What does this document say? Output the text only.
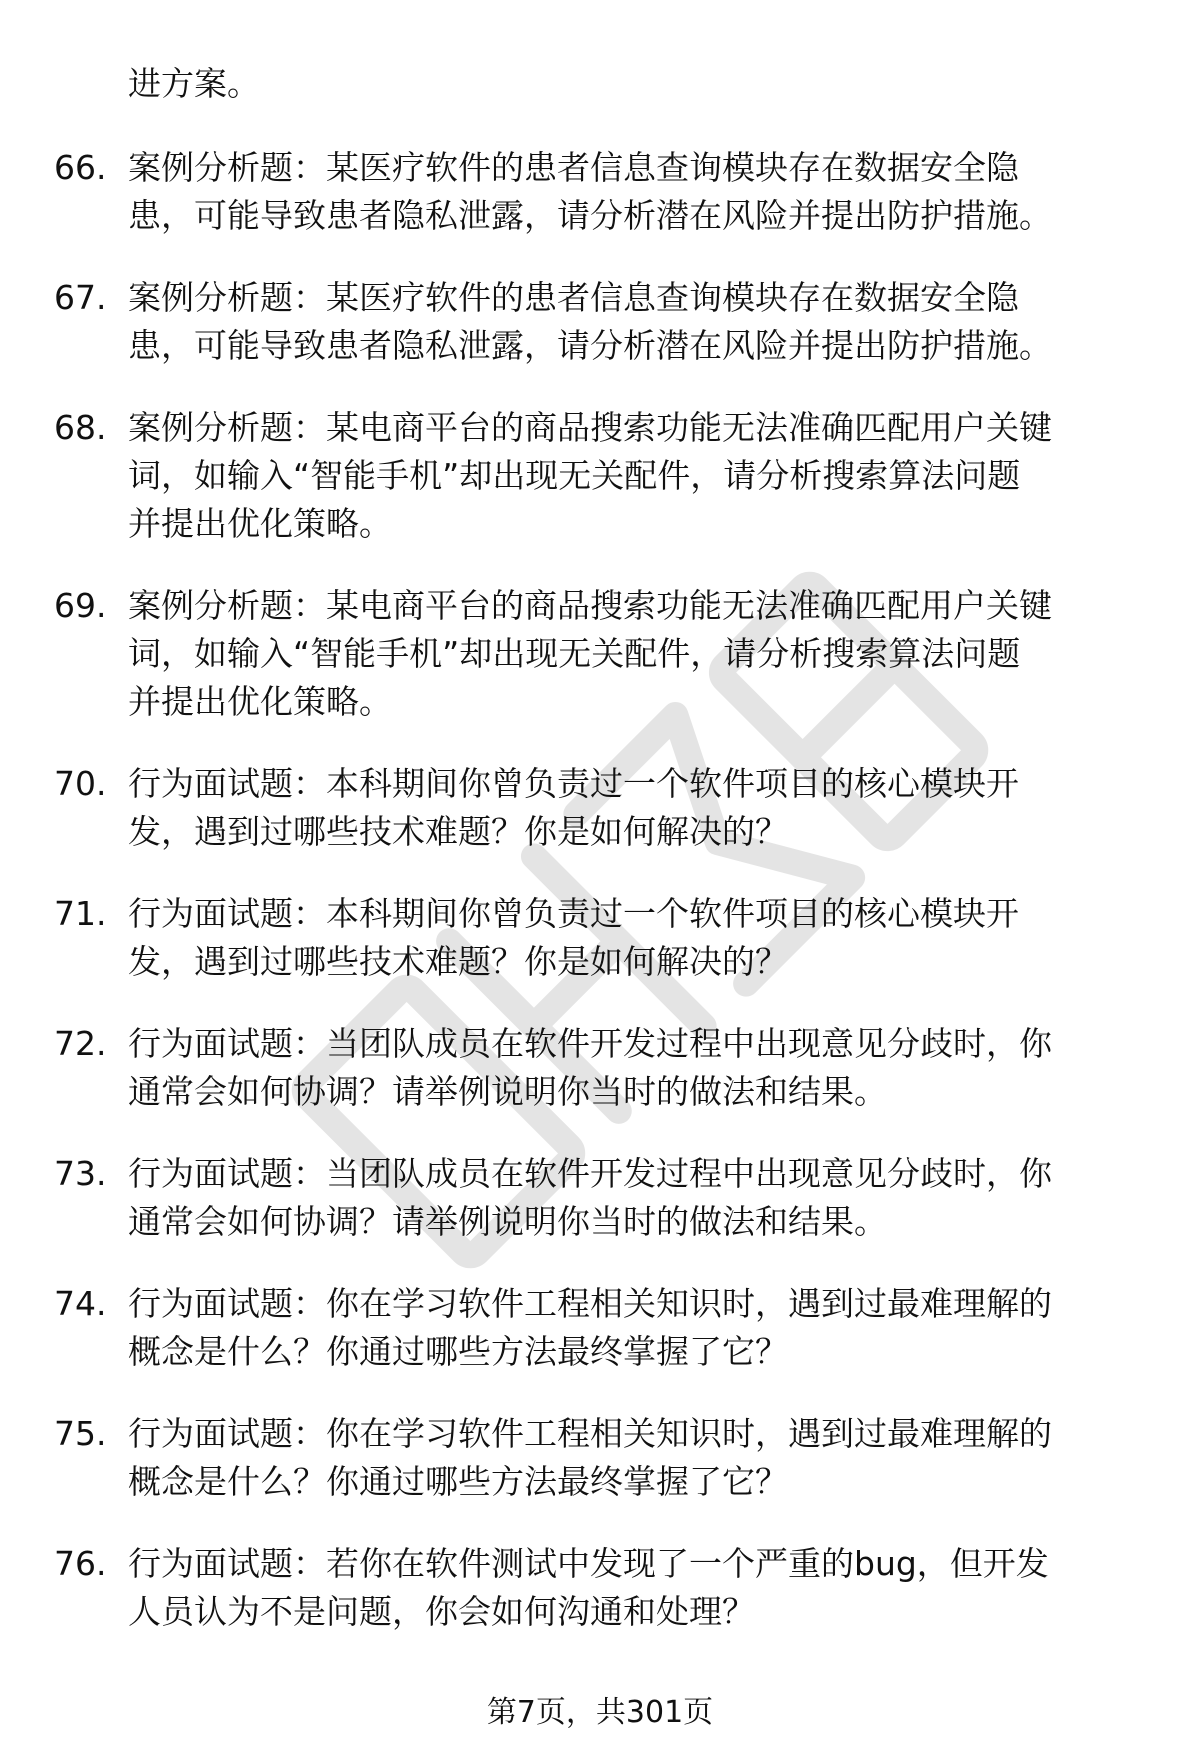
进方案。

66. 案例分析题：某医疗软件的患者信息查询模块存在数据安全隐
患，可能导致患者隐私泄露，请分析潜在风险并提出防护措施。
67. 案例分析题：某医疗软件的患者信息查询模块存在数据安全隐
患，可能导致患者隐私泄露，请分析潜在风险并提出防护措施。
68. 案例分析题：某电商平台的商品搜索功能无法准确匹配用户关键
词，如输入“智能手机”却出现无关配件，请分析搜索算法问题
并提出优化策略。
69. 案例分析题：某电商平台的商品搜索功能无法准确匹配用户关键
词，如输入“智能手机”却出现无关配件，请分析搜索算法问题
并提出优化策略。
70. 行为面试题：本科期间你曾负责过一个软件项目的核心模块开
发，遇到过哪些技术难题？你是如何解决的？
71. 行为面试题：本科期间你曾负责过一个软件项目的核心模块开
发，遇到过哪些技术难题？你是如何解决的？
72. 行为面试题：当团队成员在软件开发过程中出现意见分歧时，你
通常会如何协调？请举例说明你当时的做法和结果。
73. 行为面试题：当团队成员在软件开发过程中出现意见分歧时，你
通常会如何协调？请举例说明你当时的做法和结果。
74. 行为面试题：你在学习软件工程相关知识时，遇到过最难理解的
概念是什么？你通过哪些方法最终掌握了它？
75. 行为面试题：你在学习软件工程相关知识时，遇到过最难理解的
概念是什么？你通过哪些方法最终掌握了它？
76. 行为面试题：若你在软件测试中发现了一个严重的bug，但开发
人员认为不是问题，你会如何沟通和处理？
第7页，共301页
